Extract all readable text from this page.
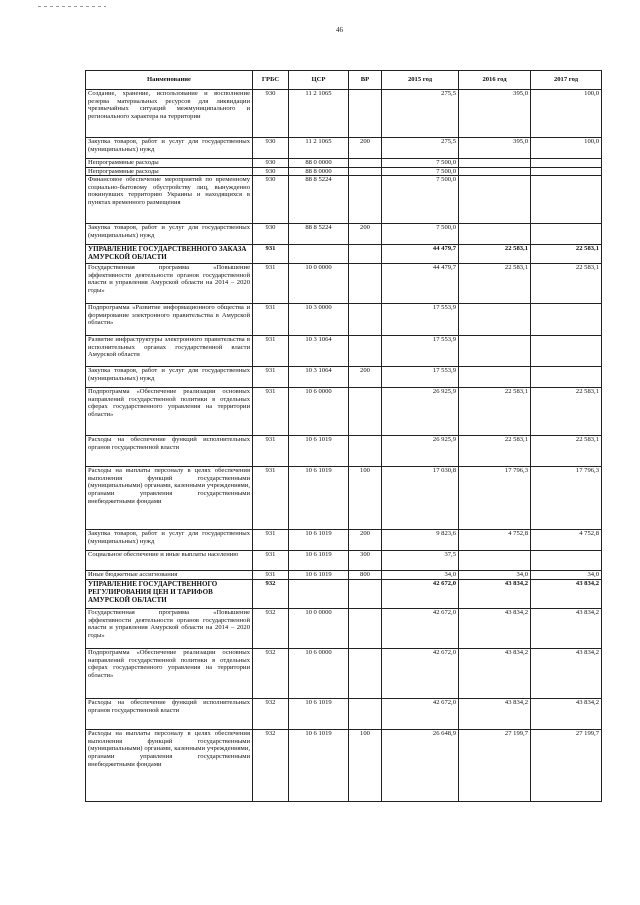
46
Наименование	ГРБС	ЦСР	ВР	2015 год	2016 год	2017 год
Создание, хранение, использование и восполнение резерва материальных ресурсов для ликвидации чрезвычайных ситуаций межмуниципального и регионального характера на территории	930	11 2 1065		275,5	395,0	100,0
Закупка товаров, работ и услуг для государственных (муниципальных) нужд	930	11 2 1065	200	275,5	395,0	100,0
Непрограммные расходы	930	88 0 0000		7 500,0		
Непрограммные расходы	930	88 8 0000		7 500,0		
Финансовое обеспечение мероприятий по временному социально-бытовому обустройству лиц, вынужденно покинувших территорию Украины и находящихся в пунктах временного размещения	930	88 8 5224		7 500,0		
Закупка товаров, работ и услуг для государственных (муниципальных) нужд	930	88 8 5224	200	7 500,0		
УПРАВЛЕНИЕ ГОСУДАРСТВЕННОГО ЗАКАЗА АМУРСКОЙ ОБЛАСТИ	931			44 479,7	22 583,1	22 583,1
Государственная программа «Повышение эффективности деятельности органов государственной власти и управления Амурской области на 2014 – 2020 годы»	931	10 0 0000		44 479,7	22 583,1	22 583,1
Подпрограмма «Развитие информационного общества и формирование электронного правительства в Амурской области»	931	10 3 0000		17 553,9		
Развитие инфраструктуры электронного правительства в исполнительных органах государственной власти Амурской области	931	10 3 1064		17 553,9		
Закупка товаров, работ и услуг для государственных (муниципальных) нужд	931	10 3 1064	200	17 553,9		
Подпрограмма «Обеспечение реализации основных направлений государственной политики в отдельных сферах государственного управления на территории области»	931	10 6 0000		26 925,9	22 583,1	22 583,1
Расходы на обеспечение функций исполнительных органов государственной власти	931	10 6 1019		26 925,9	22 583,1	22 583,1
Расходы на выплаты персоналу в целях обеспечения выполнения функций государственными (муниципальными) органами, казенными учреждениями, органами управления государственными внебюджетными фондами	931	10 6 1019	100	17 030,8	17 796,3	17 796,3
Закупка товаров, работ и услуг для государственных (муниципальных) нужд	931	10 6 1019	200	9 823,6	4 752,8	4 752,8
Социальное обеспечение и иные выплаты населению	931	10 6 1019	300	37,5		
Иные бюджетные ассигнования	931	10 6 1019	800	34,0	34,0	34,0
УПРАВЛЕНИЕ ГОСУДАРСТВЕННОГО РЕГУЛИРОВАНИЯ ЦЕН И ТАРИФОВ АМУРСКОЙ ОБЛАСТИ	932			42 672,0	43 834,2	43 834,2
Государственная программа «Повышение эффективности деятельности органов государственной власти и управления Амурской области на 2014 – 2020 годы»	932	10 0 0000		42 672,0	43 834,2	43 834,2
Подпрограмма «Обеспечение реализации основных направлений государственной политики в отдельных сферах государственного управления на территории области»	932	10 6 0000		42 672,0	43 834,2	43 834,2
Расходы на обеспечение функций исполнительных органов государственной власти	932	10 6 1019		42 672,0	43 834,2	43 834,2
Расходы на выплаты персоналу в целях обеспечения выполнения функций государственными (муниципальными) органами, казенными учреждениями, органами управления государственными внебюджетными фондами	932	10 6 1019	100	26 648,9	27 199,7	27 199,7
